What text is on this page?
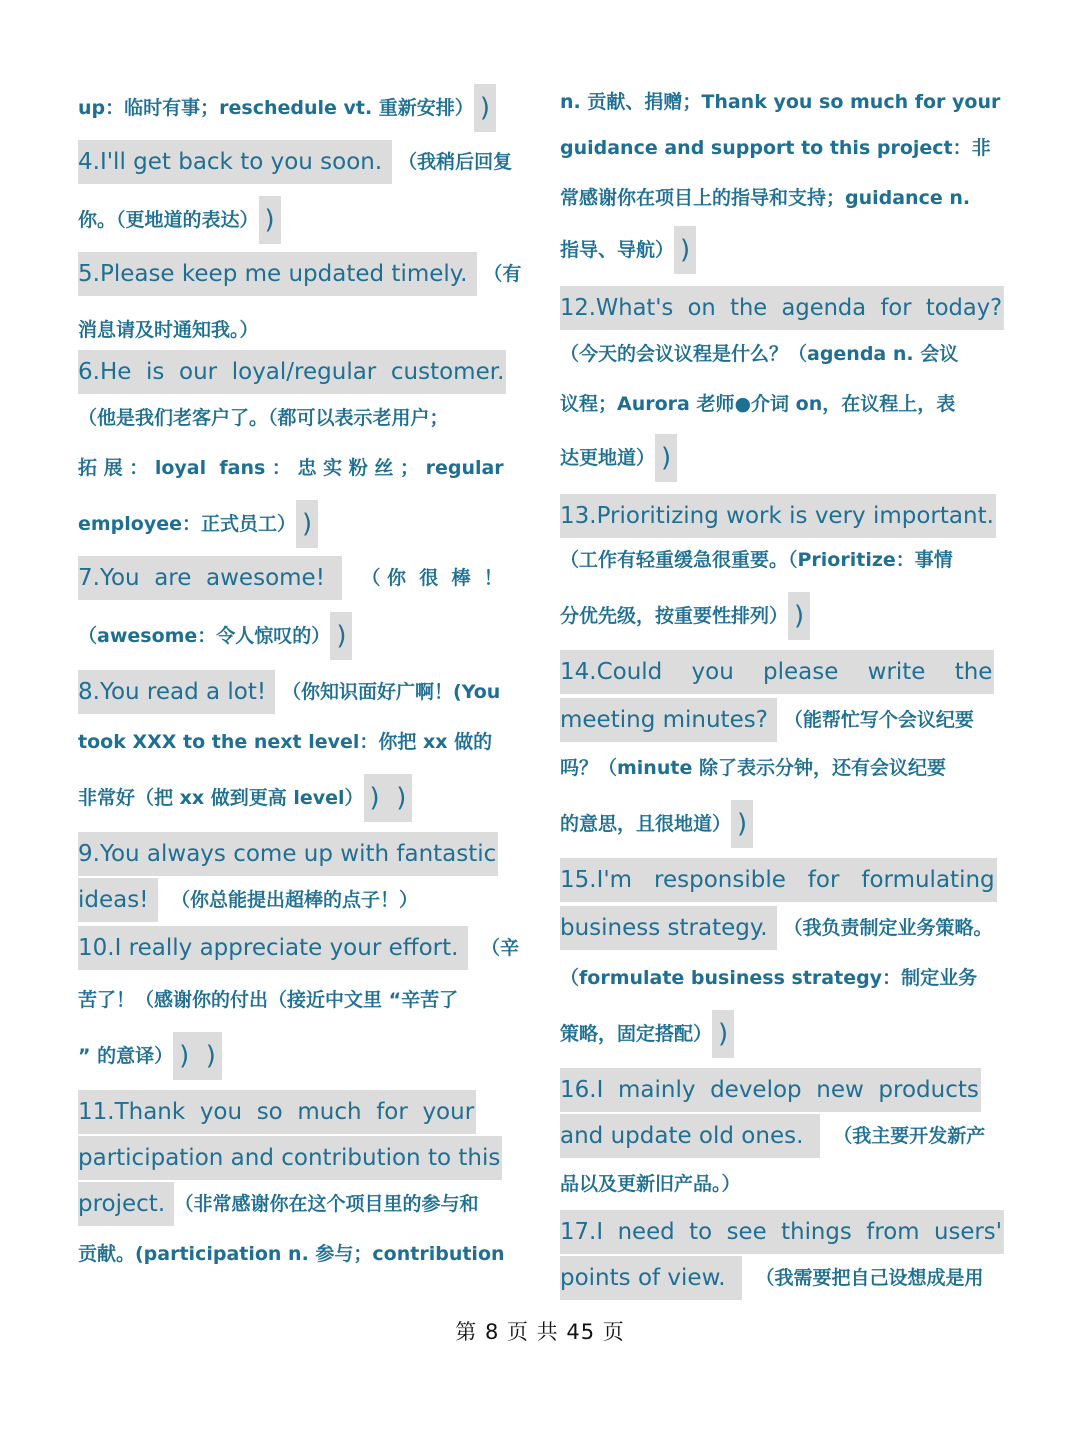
up：临时有事；reschedule vt. 重新安排） )
4.I'll get back to you soon. （我稍后回复
你。（更地道的表达） )
5.Please keep me updated timely. （有
消息请及时通知我。）
6.He  is  our  loyal/regular  customer.
（他是我们老客户了。（都可以表示老用户；
拓 展 ： loyal  fans ： 忠 实 粉 丝 ； regular
employee：正式员工） )
7.You  are  awesome! （ 你  很  棒  ！
（awesome：令人惊叹的） )
8.You read a lot! （你知识面好广啊！(You
took XXX to the next level：你把 xx 做的
非常好（把 xx 做到更高 level） )  )
9.You always come up with fantastic
ideas! （你总能提出超棒的点子！）
10.I really appreciate your effort. （辛
苦了！（感谢你的付出（接近中文里 “辛苦了
” 的意译） )  )
11.Thank  you  so  much  for  your
participation and contribution to this
project. （非常感谢你在这个项目里的参与和
贡献。(participation n. 参与；contribution
n. 贡献、捐赠；Thank you so much for your
guidance and support to this project：非
常感谢你在项目上的指导和支持；guidance n.
指导、导航） )
12.What's  on  the  agenda  for  today?
（今天的会议议程是什么？（agenda n. 会议
议程；Aurora 老师●介词 on，在议程上，表
达更地道） )
13.Prioritizing work is very important.
（工作有轻重缓急很重要。（Prioritize：事情
分优先级，按重要性排列） )
14.Could    you    please    write    the
meeting minutes? （能帮忙写个会议纪要
吗？（minute 除了表示分钟，还有会议纪要
的意思，且很地道） )
15.I'm   responsible   for   formulating
business strategy. （我负责制定业务策略。
（formulate business strategy：制定业务
策略，固定搭配） )
16.I  mainly  develop  new  products
and update old ones. （我主要开发新产
品以及更新旧产品。）
17.I  need  to  see  things  from  users'
points of view. （我需要把自己设想成是用
第 8 页 共 45 页
